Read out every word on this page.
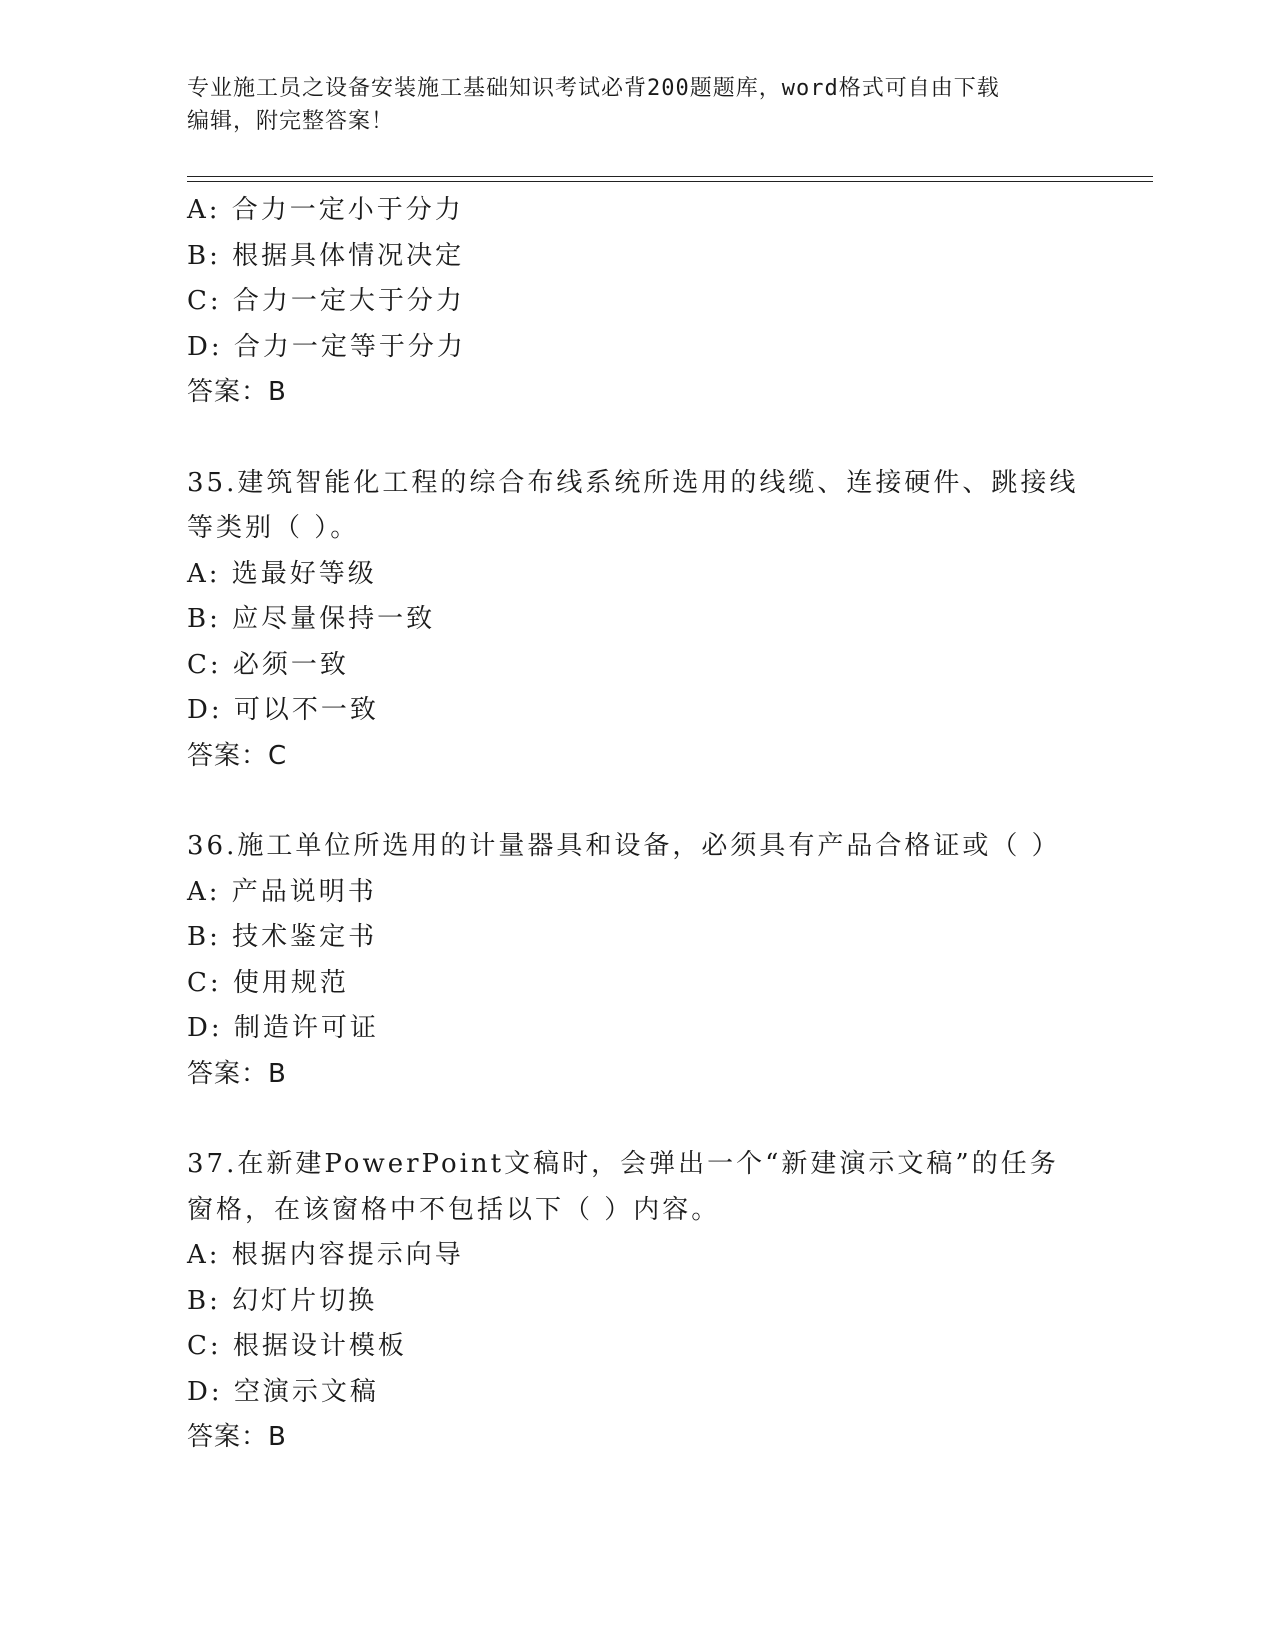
专业施工员之设备安装施工基础知识考试必背200题题库，word格式可自由下载
编辑，附完整答案！
A: 合力一定小于分力
B: 根据具体情况决定
C: 合力一定大于分力
D: 合力一定等于分力
答案：B
35.建筑智能化工程的综合布线系统所选用的线缆、连接硬件、跳接线
等类别（ ）。
A: 选最好等级
B: 应尽量保持一致
C: 必须一致
D: 可以不一致
答案：C
36.施工单位所选用的计量器具和设备，必须具有产品合格证或（ ）
A: 产品说明书
B: 技术鉴定书
C: 使用规范
D: 制造许可证
答案：B
37.在新建PowerPoint文稿时，会弹出一个“新建演示文稿”的任务
窗格，在该窗格中不包括以下（ ）内容。
A: 根据内容提示向导
B: 幻灯片切换
C: 根据设计模板
D: 空演示文稿
答案：B
